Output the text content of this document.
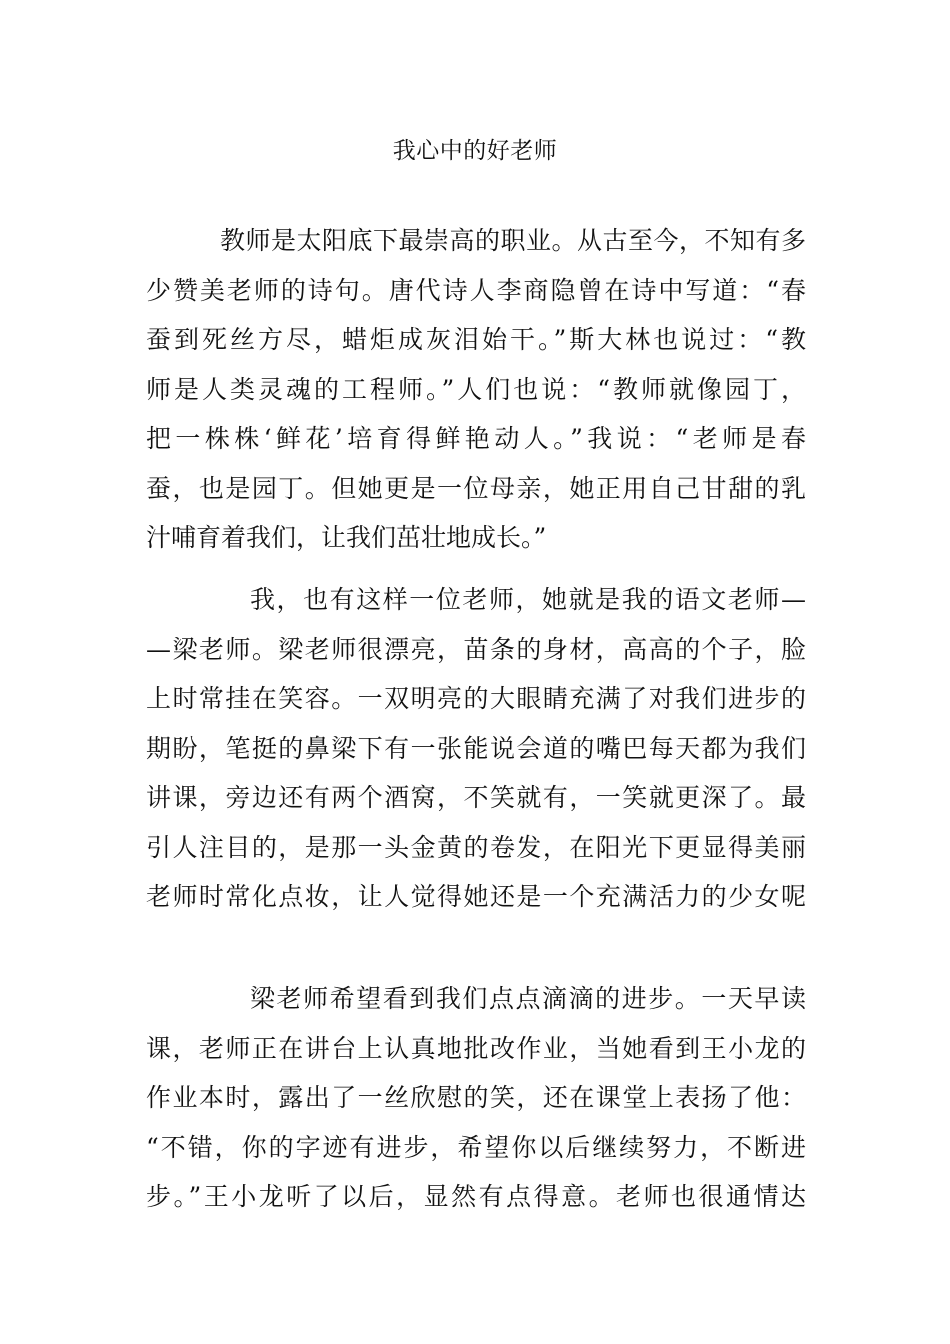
我心中的好老师
教师是太阳底下最崇高的职业。从古至今，不知有多
少赞美老师的诗句。唐代诗人李商隐曾在诗中写道：“春
蚕到死丝方尽，蜡炬成灰泪始干。”斯大林也说过：“教
师是人类灵魂的工程师。”人们也说：“教师就像园丁，
把一株株‘鲜花’培育得鲜艳动人。”我说：“老师是春
蚕，也是园丁。但她更是一位母亲，她正用自己甘甜的乳
汁哺育着我们，让我们茁壮地成长。”
我，也有这样一位老师，她就是我的语文老师—
—梁老师。梁老师很漂亮，苗条的身材，高高的个子，脸
上时常挂在笑容。一双明亮的大眼睛充满了对我们进步的
期盼，笔挺的鼻梁下有一张能说会道的嘴巴每天都为我们
讲课，旁边还有两个酒窝，不笑就有，一笑就更深了。最
引人注目的，是那一头金黄的卷发，在阳光下更显得美丽
老师时常化点妆，让人觉得她还是一个充满活力的少女呢
梁老师希望看到我们点点滴滴的进步。一天早读
课，老师正在讲台上认真地批改作业，当她看到王小龙的
作业本时，露出了一丝欣慰的笑，还在课堂上表扬了他：
“不错，你的字迹有进步，希望你以后继续努力，不断进
步。”王小龙听了以后，显然有点得意。老师也很通情达
